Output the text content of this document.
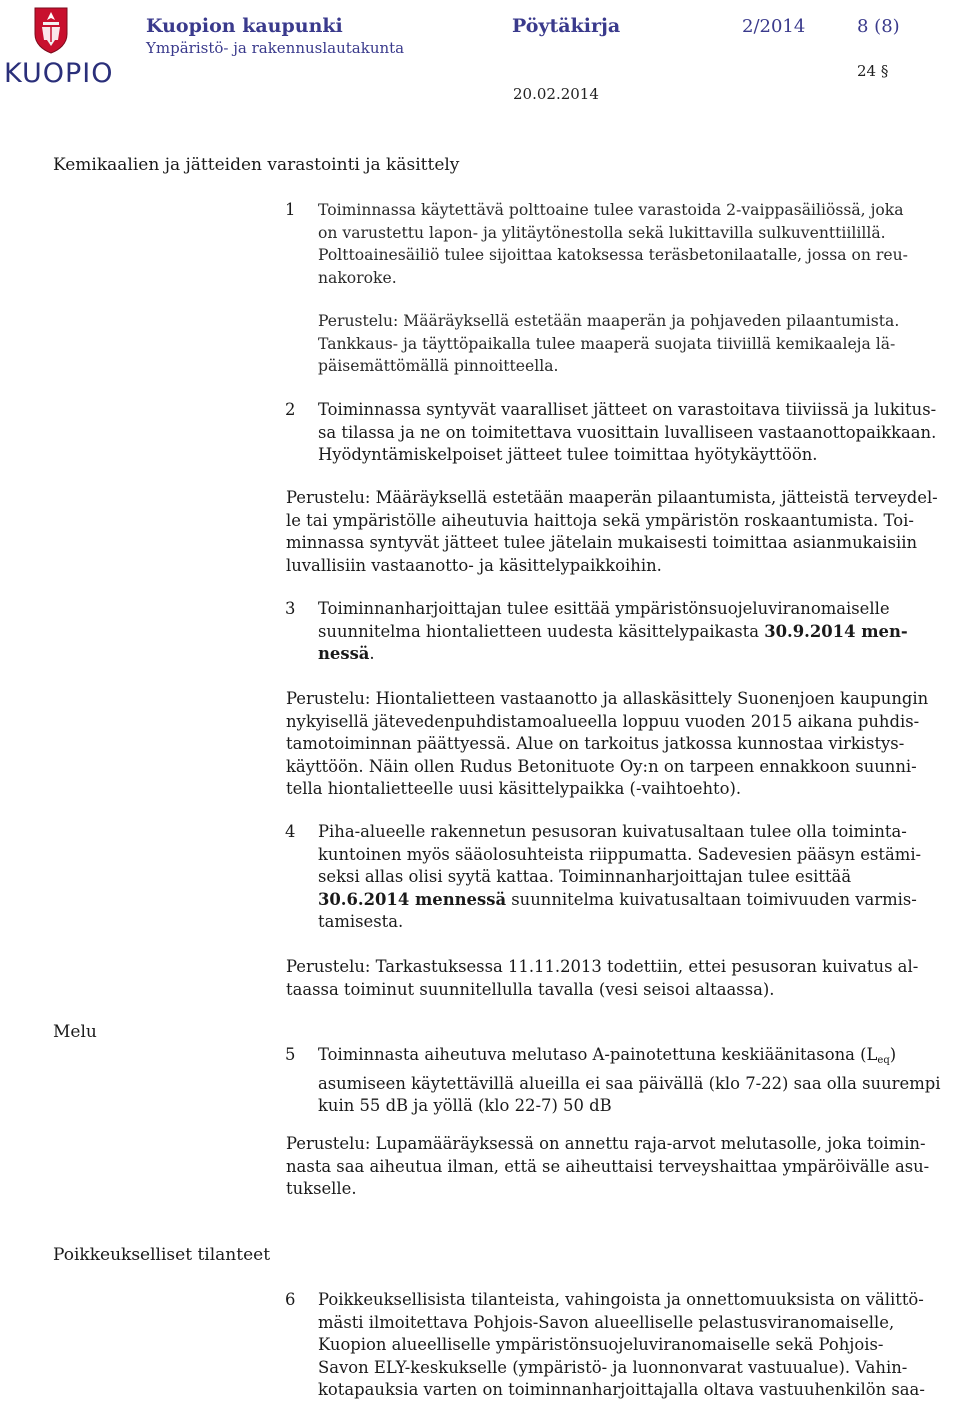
KUOPIO
Kuopion kaupunki
Ympäristö- ja rakennuslautakunta
Pöytäkirja	2/2014	8 (8)
24 §
20.02.2014
Kemikaalien ja jätteiden varastointi ja käsittely
Melu
Poikkeukselliset tilanteet
1 Toiminnassa käytettävä polttoaine tulee varastoida 2-vaippasäiliössä, joka
on varustettu lapon- ja ylitäytönestolla sekä lukittavilla sulkuventtiilillä.
Polttoainesäiliö tulee sijoittaa katoksessa teräsbetonilaatalle, jossa on reu-
nakoroke.
Perustelu: Määräyksellä estetään maaperän ja pohjaveden pilaantumista.
Tankkaus- ja täyttöpaikalla tulee maaperä suojata tiiviillä kemikaaleja lä-
päisemättömällä pinnoitteella.
2 Toiminnassa syntyvät vaaralliset jätteet on varastoitava tiiviissä ja lukitus-
sa tilassa ja ne on toimitettava vuosittain luvalliseen vastaanottopaikkaan.
Hyödyntämiskelpoiset jätteet tulee toimittaa hyötykäyttöön.
Perustelu: Määräyksellä estetään maaperän pilaantumista, jätteistä terveydel-
le tai ympäristölle aiheutuvia haittoja sekä ympäristön roskaantumista. Toi-
minnassa syntyvät jätteet tulee jätelain mukaisesti toimittaa asianmukaisiin
luvallisiin vastaanotto- ja käsittelypaikkoihin.
3 Toiminnanharjoittajan tulee esittää ympäristönsuojeluviranomaiselle
suunnitelma hiontalietteen uudesta käsittelypaikasta 30.9.2014 men-
nessä.
Perustelu: Hiontalietteen vastaanotto ja allaskäsittely Suonenjoen kaupungin
nykyisellä jätevedenpuhdistamoalueella loppuu vuoden 2015 aikana puhdis-
tamotoiminnan päättyessä. Alue on tarkoitus jatkossa kunnostaa virkistys-
käyttöön. Näin ollen Rudus Betonituote Oy:n on tarpeen ennakkoon suunni-
tella hiontalietteelle uusi käsittelypaikka (-vaihtoehto).
4 Piha-alueelle rakennetun pesusoran kuivatusaltaan tulee olla toiminta-
kuntoinen myös sääolosuhteista riippumatta. Sadevesien pääsyn estämi-
seksi allas olisi syytä kattaa. Toiminnanharjoittajan tulee esittää
30.6.2014 mennessä suunnitelma kuivatusaltaan toimivuuden varmis-
tamisesta.
Perustelu: Tarkastuksessa 11.11.2013 todettiin, ettei pesusoran kuivatus al-
taassa toiminut suunnitellulla tavalla (vesi seisoi altaassa).
5 Toiminnasta aiheutuva melutaso A-painotettuna keskiäänitasona $(L_{eq})$
asumiseen käytettävillä alueilla ei saa päivällä (klo 7-22) saa olla suurempi
kuin 55 dB ja yöllä (klo 22-7) 50 dB
Perustelu: Lupamääräyksessä on annettu raja-arvot melutasolle, joka toimin-
nasta saa aiheutua ilman, että se aiheuttaisi terveyshaittaa ympäröivälle asu-
tukselle.
6 Poikkeuksellisista tilanteista, vahingoista ja onnettomuuksista on välittö-
mästi ilmoitettava Pohjois-Savon alueelliselle pelastusviranomaiselle,
Kuopion alueelliselle ympäristönsuojeluviranomaiselle sekä Pohjois-
Savon ELY-keskukselle (ympäristö- ja luonnonvarat vastuualue). Vahin-
kotapauksia varten on toiminnanharjoittajalla oltava vastuuhenkilön saa-
